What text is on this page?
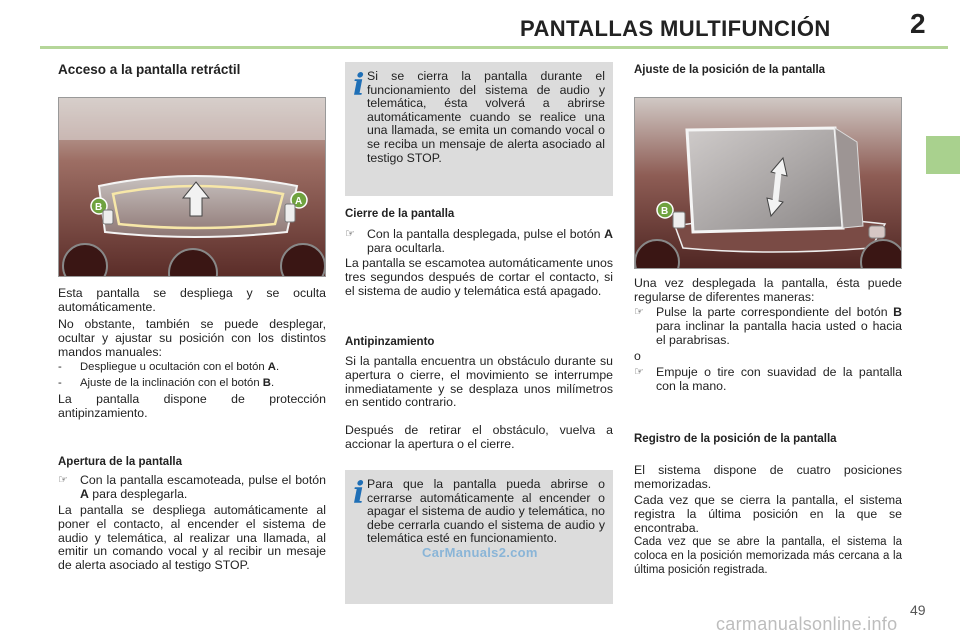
PANTALLAS MULTIFUNCIÓN	2
Acceso a la pantalla retráctil
B
A
Esta pantalla se despliega y se oculta automáticamente.
No obstante, también se puede desplegar, ocultar y ajustar su posición con los distintos mandos manuales:
-	Despliegue u ocultación con el botón A.
-	Ajuste de la inclinación con el botón B.
La pantalla dispone de protección antipinzamiento.
Apertura de la pantalla
☞ Con la pantalla escamoteada, pulse el botón A para desplegarla.
La pantalla se despliega automáticamente al poner el contacto, al encender el sistema de audio y telemática, al realizar una llamada, al emitir un comando vocal y al recibir un mesaje de alerta asociado al testigo STOP.
i Si se cierra la pantalla durante el funcionamiento del sistema de audio y telemática, ésta volverá a abrirse automáticamente cuando se realice una una llamada, se emita un comando vocal o se reciba un mensaje de alerta asociado al testigo STOP.
Cierre de la pantalla
☞ Con la pantalla desplegada, pulse el botón A para ocultarla.
La pantalla se escamotea automáticamente unos tres segundos después de cortar el contacto, si el sistema de audio y telemática está apagado.
Antipinzamiento
Si la pantalla encuentra un obstáculo durante su apertura o cierre, el movimiento se interrumpe inmediatamente y se desplaza unos milímetros en sentido contrario.
Después de retirar el obstáculo, vuelva a accionar la apertura o el cierre.
i Para que la pantalla pueda abrirse o cerrarse automáticamente al encender o apagar el sistema de audio y telemática, no debe cerrarla cuando el sistema de audio y telemática esté en funcionamiento.
CarManuals2.com
Ajuste de la posición de la pantalla
B
Una vez desplegada la pantalla, ésta puede regularse de diferentes maneras:
☞ Pulse la parte correspondiente del botón B para inclinar la pantalla hacia usted o hacia el parabrisas.
o
☞ Empuje o tire con suavidad de la pantalla con la mano.
Registro de la posición de la pantalla
El sistema dispone de cuatro posiciones memorizadas.
Cada vez que se cierra la pantalla, el sistema registra la última posición en la que se encontraba.
Cada vez que se abre la pantalla, el sistema la coloca en la posición memorizada más cercana a la última posición registrada.
49
carmanualsonline.info
